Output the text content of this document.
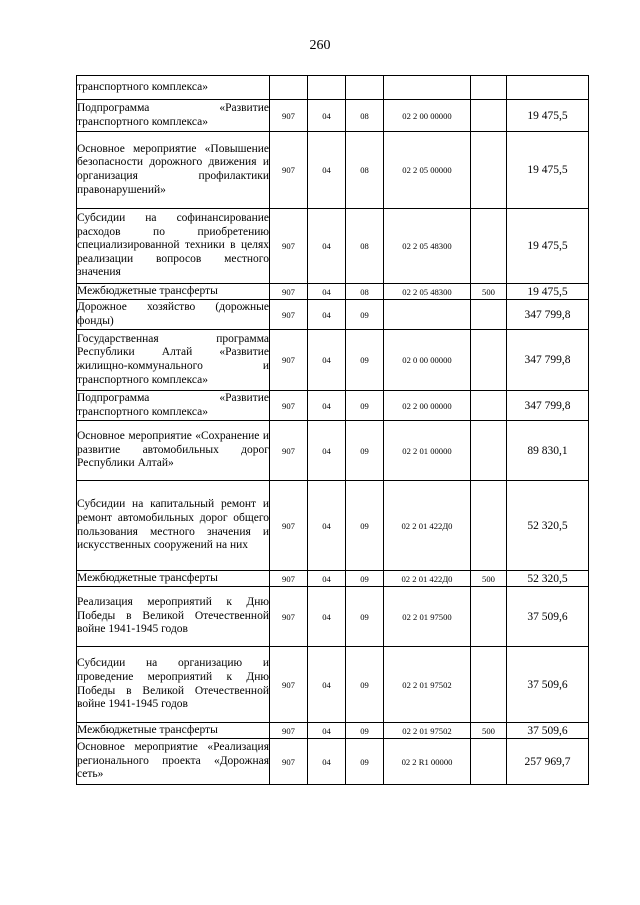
260
транспортного комплекса»						
Подпрограмма «Развитие транспортного комплекса»	907	04	08	02 2 00 00000		19 475,5
Основное мероприятие «Повышение безопасности дорожного движения и организация профилактики правонарушений»	907	04	08	02 2 05 00000		19 475,5
Субсидии на софинансирование расходов по приобретению специализированной техники в целях реализации вопросов местного значения	907	04	08	02 2 05 48300		19 475,5
Межбюджетные трансферты	907	04	08	02 2 05 48300	500	19 475,5
Дорожное хозяйство (дорожные фонды)	907	04	09			347 799,8
Государственная программа Республики Алтай «Развитие жилищно-коммунального и транспортного комплекса»	907	04	09	02 0 00 00000		347 799,8
Подпрограмма «Развитие транспортного комплекса»	907	04	09	02 2 00 00000		347 799,8
Основное мероприятие «Сохранение и развитие автомобильных дорог Республики Алтай»	907	04	09	02 2 01 00000		89 830,1
Субсидии на капитальный ремонт и ремонт автомобильных дорог общего пользования местного значения и искусственных сооружений на них	907	04	09	02 2 01 422Д0		52 320,5
Межбюджетные трансферты	907	04	09	02 2 01 422Д0	500	52 320,5
Реализация мероприятий к Дню Победы в Великой Отечественной войне 1941-1945 годов	907	04	09	02 2 01 97500		37 509,6
Субсидии на организацию и проведение мероприятий к Дню Победы в Великой Отечественной войне 1941-1945 годов	907	04	09	02 2 01 97502		37 509,6
Межбюджетные трансферты	907	04	09	02 2 01 97502	500	37 509,6
Основное мероприятие «Реализация регионального проекта «Дорожная сеть»	907	04	09	02 2 R1 00000		257 969,7
